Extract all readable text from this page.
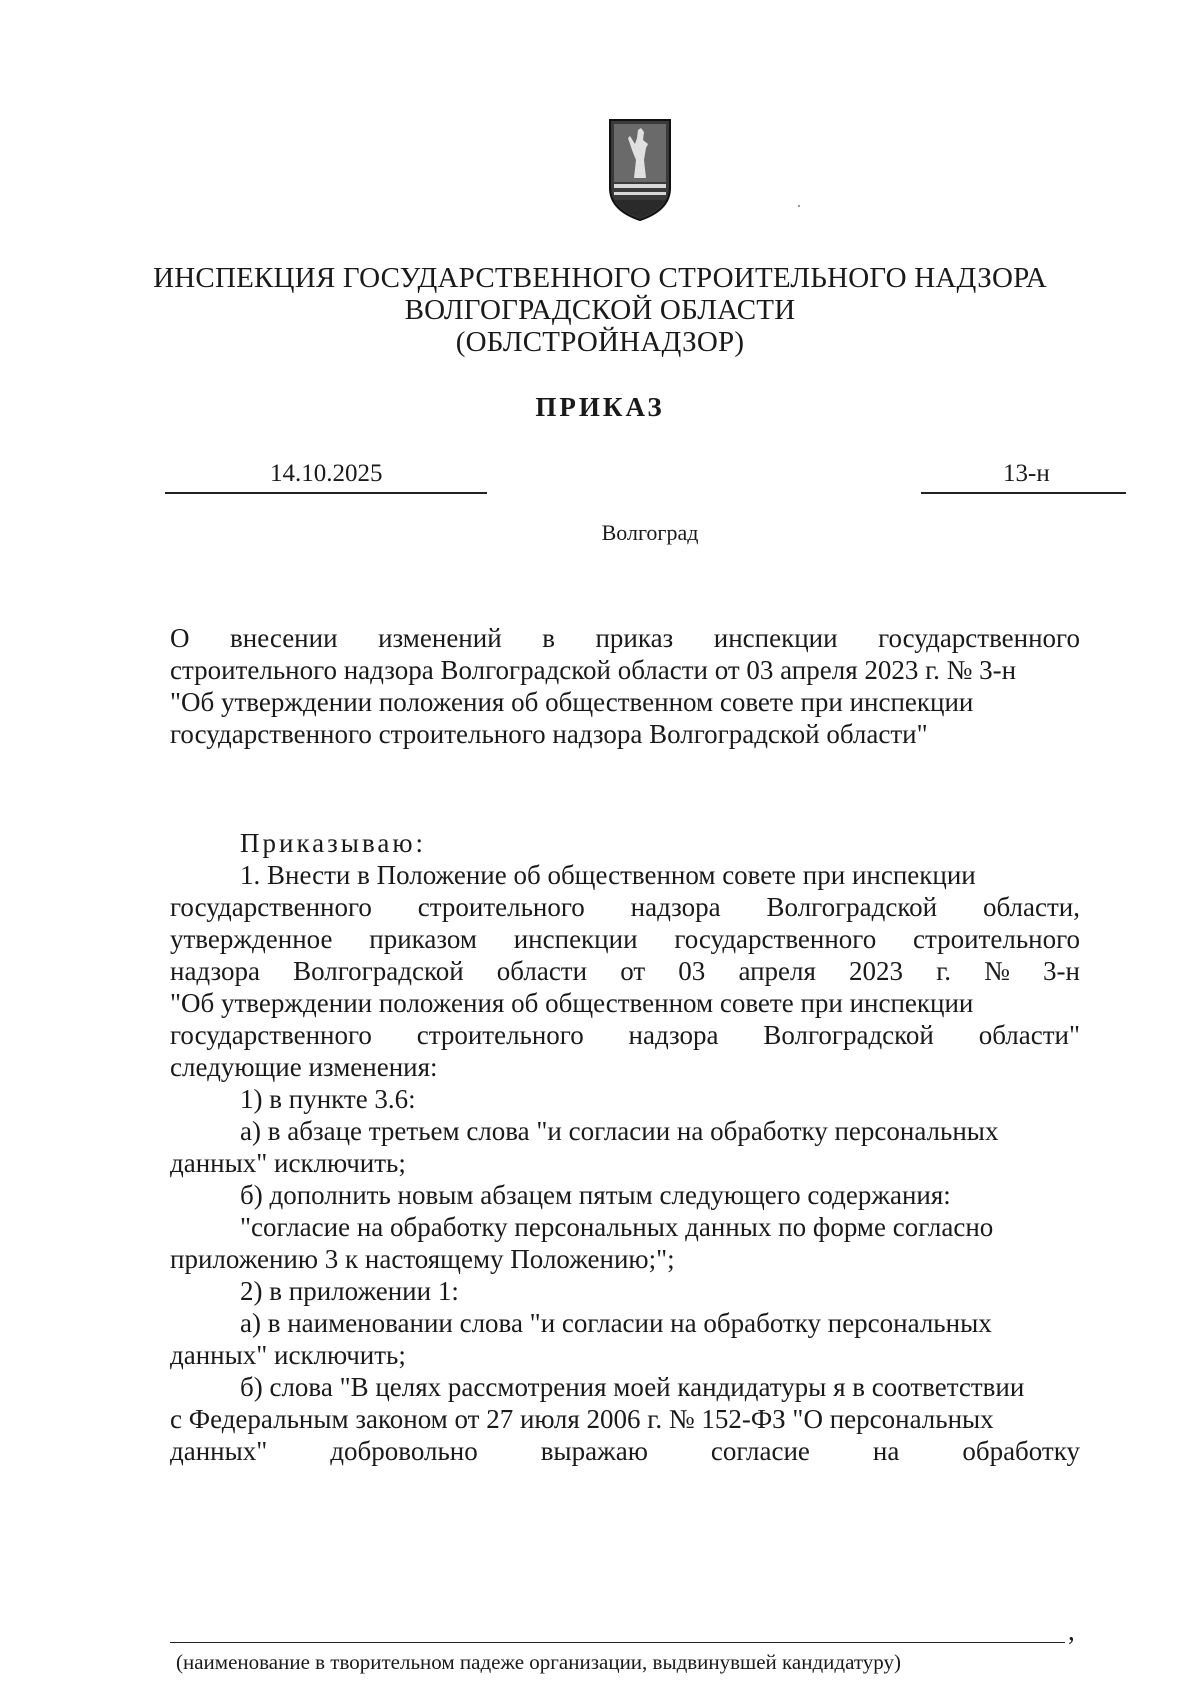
ИНСПЕКЦИЯ ГОСУДАРСТВЕННОГО СТРОИТЕЛЬНОГО НАДЗОРА
ВОЛГОГРАДСКОЙ ОБЛАСТИ
(ОБЛСТРОЙНАДЗОР)
ПРИКАЗ
14.10.2025	13-н
Волгоград
О внесении изменений в приказ инспекции государственного
строительного надзора Волгоградской области от 03 апреля 2023 г. № 3-н
"Об утверждении положения об общественном совете при инспекции
государственного строительного надзора Волгоградской области"
Приказываю:
1. Внести в Положение об общественном совете при инспекции
государственного строительного надзора Волгоградской области,
утвержденное приказом инспекции государственного строительного
надзора Волгоградской области от 03 апреля 2023 г. № 3-н
"Об утверждении положения об общественном совете при инспекции
государственного строительного надзора Волгоградской области"
следующие изменения:
1) в пункте 3.6:
а) в абзаце третьем слова "и согласии на обработку персональных
данных" исключить;
б) дополнить новым абзацем пятым следующего содержания:
"согласие на обработку персональных данных по форме согласно
приложению 3 к настоящему Положению;";
2) в приложении 1:
а) в наименовании слова "и согласии на обработку персональных
данных" исключить;
б) слова "В целях рассмотрения моей кандидатуры я в соответствии
с Федеральным законом от 27 июля 2006 г. № 152-ФЗ "О персональных
данных" добровольно выражаю согласие на обработку
,
(наименование в творительном падеже организации, выдвинувшей кандидатуру)
